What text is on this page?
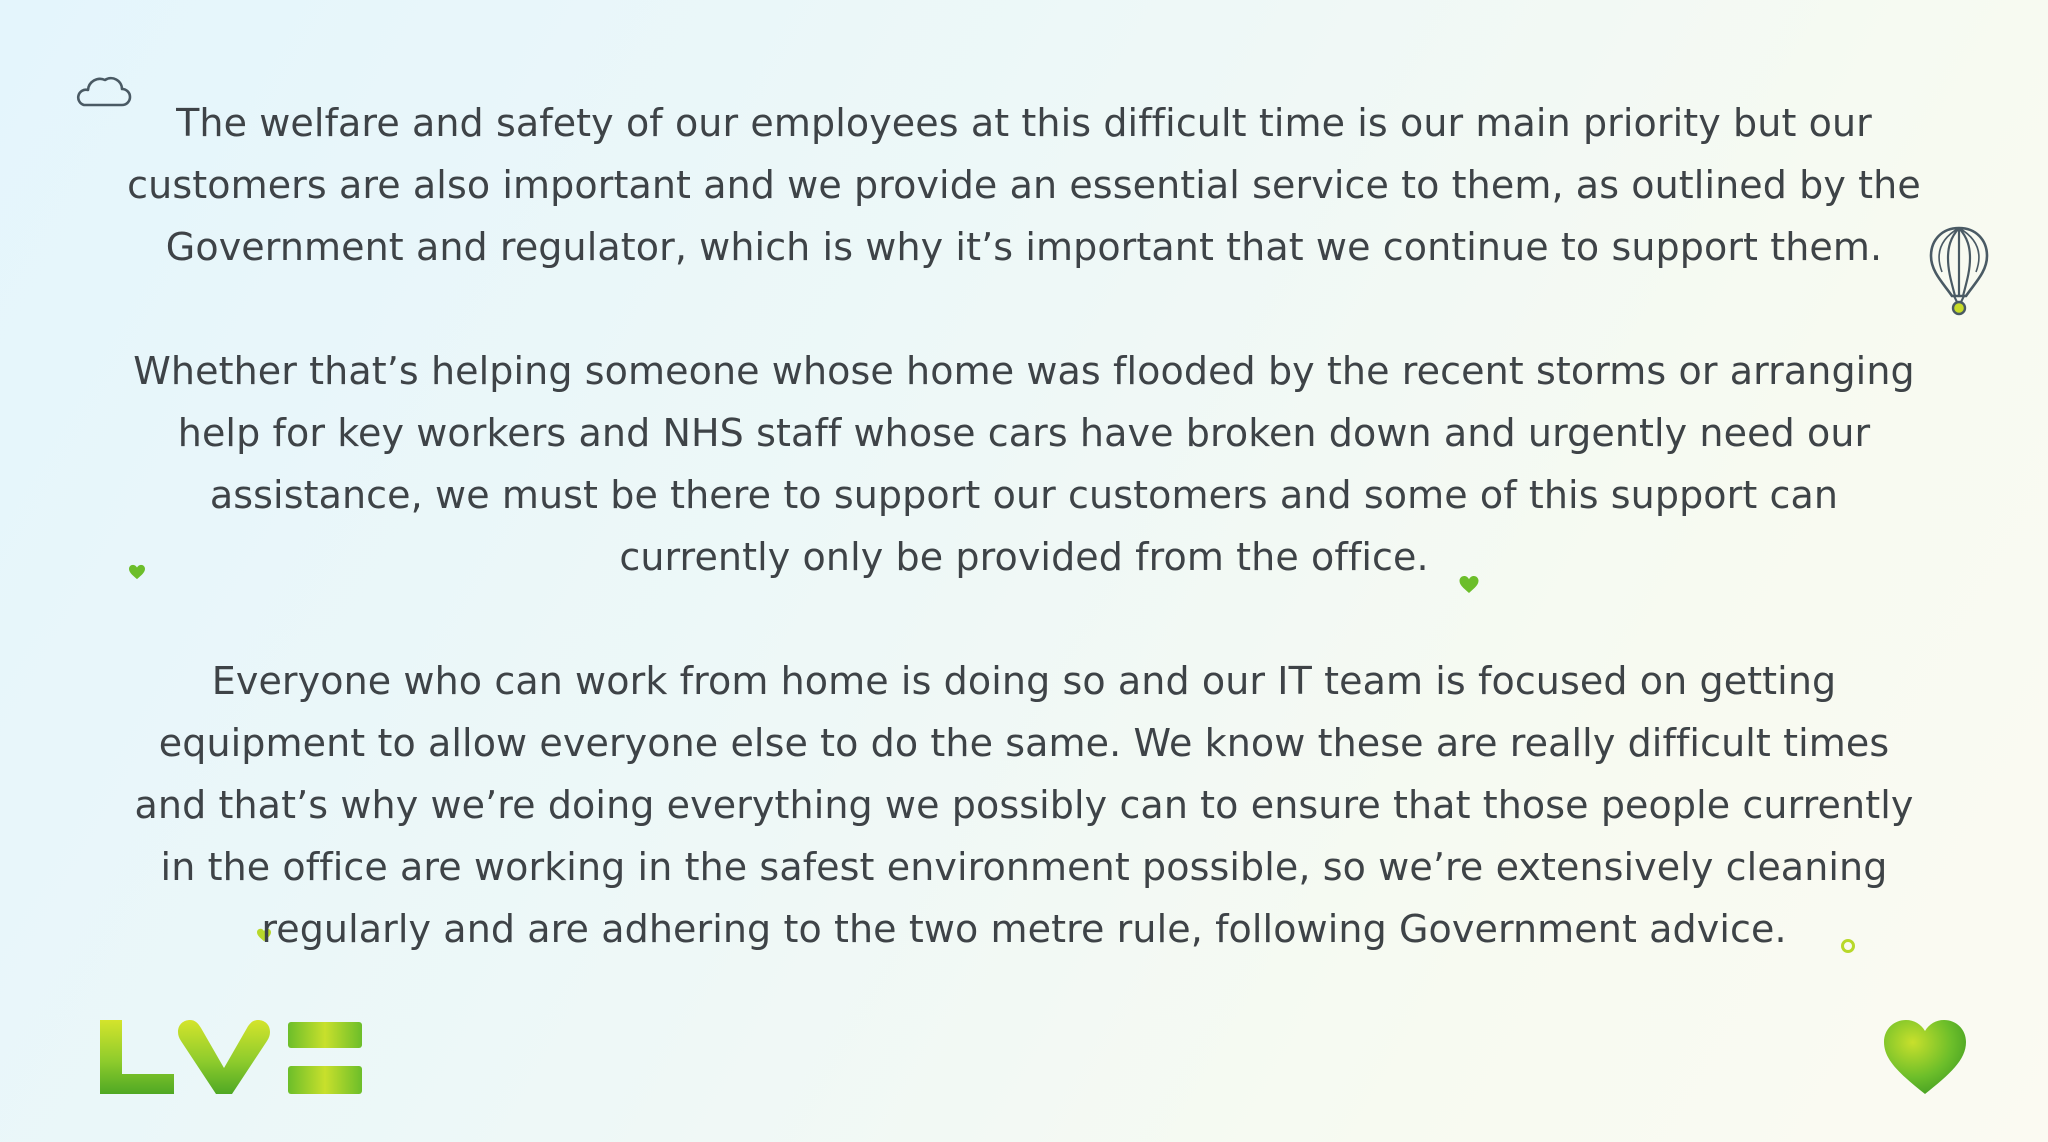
The welfare and safety of our employees at this difficult time is our main priority but our customers are also important and we provide an essential service to them, as outlined by the Government and regulator, which is why it’s important that we continue to support them.

Whether that’s helping someone whose home was flooded by the recent storms or arranging help for key workers and NHS staff whose cars have broken down and urgently need our assistance, we must be there to support our customers and some of this support can currently only be provided from the office.

Everyone who can work from home is doing so and our IT team is focused on getting equipment to allow everyone else to do the same. We know these are really difficult times and that’s why we’re doing everything we possibly can to ensure that those people currently in the office are working in the safest environment possible, so we’re extensively cleaning regularly and are adhering to the two metre rule, following Government advice.
